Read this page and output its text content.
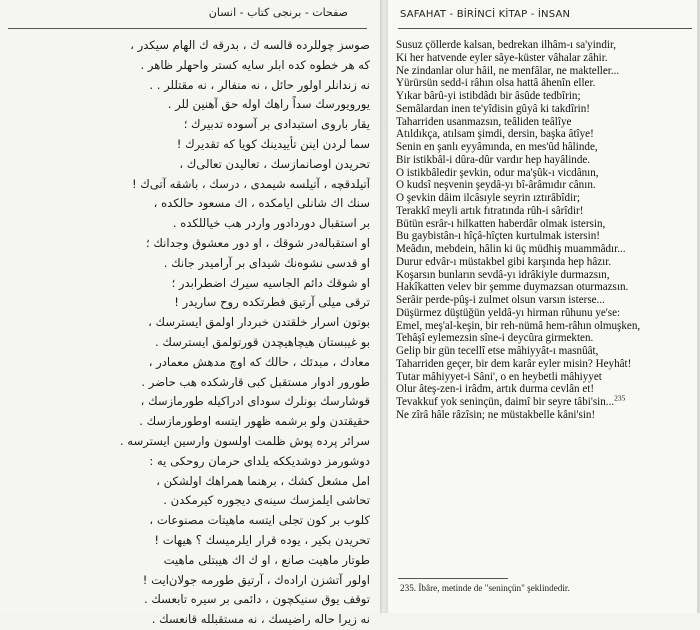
صفحات - برنجی کتاب - انسان
صوسز چوللرده قالسه ك ، بدرقه ك الهام سيكدر ،
كه هر خطوه كده ابلر سايه كستر واحهلر ظاهر .
نه زندانلر اولور حائل ، نه منفالر ، نه مقتللر . .
يورويورسك سداً راهك اوله حق آهنين للر .
يقار باروى استبدادى بر آسوده تدبيرك ؛
سما لردن اينن تأييدينك كويا كه تقديرك !
تحريدن اوصانمازسك ، تعاليدن تعالى‌ك ،
آتيلدقچه ، آتيلسه شيمدى ، درسك ، باشقه آتى‌ك !
سنك اك شانلى ايامكده ، اك مسعود حالكده ،
بر استقبال دوردادور واردر هب خياللكده .
او استقباله‌در شوقك ، او دور معشوق وجدانك ؛
او قدسى نشوه‌نك شيداى بر آراميدر جانك .
او شوقك دائم الجاسيه سيرك اضطرابدر ؛
ترقى ميلى آرتيق فطرتكده روح ساريدر !
بوتون اسرار خلقتدن خبردار اولمق ايسترسك ،
بو غيبستان هيچاهيچدن قورتولمق ايسترسك .
معادك ، مبدئك ، حالك كه اوچ مدهش معمادر ،
طورور ادوار مستقبل كبى قارشكده هب حاضر .
قوشارسك بونلرك سوداى ادراكيله طورمازسك ،
حقيقتدن ولو برشمه ظهور ايتسه اوطورمازسك .
سرائر پرده پوش ظلمت اولسون وارسين ايسترسه .
دوشورمز دوشديككه يلداى حرمان روحكى يه :
امل مشعل كشك ، برهنما همراهك اولشكن ،
تحاشى ايلمزسك سينه‌ى ديجوره كيرمكدن .
كلوب بر كون تجلى ايتسه ماهيتات مصنوعات ،
تحريدن بكير ، يوده قرار ايلرميسك ؟ هيهات !
طوتار ماهيت صانع ، او ك اك هيبتلى ماهيت
اولور آتشزن اراده‌ك ، آرتيق طورمه جولان‌ايت !
توقف يوق سنيكچون ، دائمى بر سيره تابعسك .
نه زيرا حاله راضيسك ، نه مستقبلله قانعسك .
SAFAHAT - BİRİNCİ KİTAP - İNSAN
Susuz çöllerde kalsan, bedrekan ilhâm-ı sa'yindir,
Ki her hatvende eyler sâye-küster vâhalar zâhir.
Ne zindanlar olur hâil, ne menfâlar, ne makteller...
Yürürsün sedd-i râhın olsa hattâ âhenîn eller.
Yıkar bârû-yi istibdâdı bir âsûde tedbîrin;
Semâlardan inen te'yîdisin gûyâ ki takdîrin!
Taharriden usanmazsın, teâliden teâlîye
Atıldıkça, atılsam şimdi, dersin, başka âtîye!
Senin en şanlı eyyâmında, en mes'ûd hâlinde,
Bir istikbâl-i dûra-dûr vardır hep hayâlinde.
O istikbâledir şevkin, odur ma'şûk-ı vicdânın,
O kudsî neşvenin şeydâ-yı bî-ârâmıdır cânın.
O şevkin dâim ilcâsıyle seyrin ıztırâbîdir;
Terakkî meyli artık fıtratında rûh-i sârîdir!
Bütün esrâr-ı hilkatten haberdâr olmak istersin,
Bu gaybistân-ı hîçâ-hîçten kurtulmak istersin!
Meâdın, mebdein, hâlin ki üç müdhiş muammâdır...
Durur edvâr-ı müstakbel gibi karşında hep hâzır.
Koşarsın bunların sevdâ-yı idrâkiyle durmazsın,
Hakîkatten velev bir şemme duymazsan oturmazsın.
Serâir perde-pûş-i zulmet olsun varsın isterse...
Düşürmez düştüğün yeldâ-yı hirman rûhunu ye'se:
Emel, meş'al-keşin, bir reh-nümâ hem-râhın olmuşken,
Tehâşî eylemezsin sîne-i deycûra girmekten.
Gelip bir gün tecellî etse mâhiyyât-ı masnûât,
Taharriden geçer, bir dem karâr eyler misin? Heyhât!
Tutar mâhiyyet-i Sâni', o en heybetli mâhiyyet
Olur âteş-zen-i irâdm, artık durma cevlân et!
Tevakkuf yok senin​çün, daimî bir seyre tâbi'sin...$^{235}$
Ne zîrâ hâle râzîsin; ne müstakbelle kâni'sin!
235. İbâre, metinde de "seninçün" şeklindedir.
